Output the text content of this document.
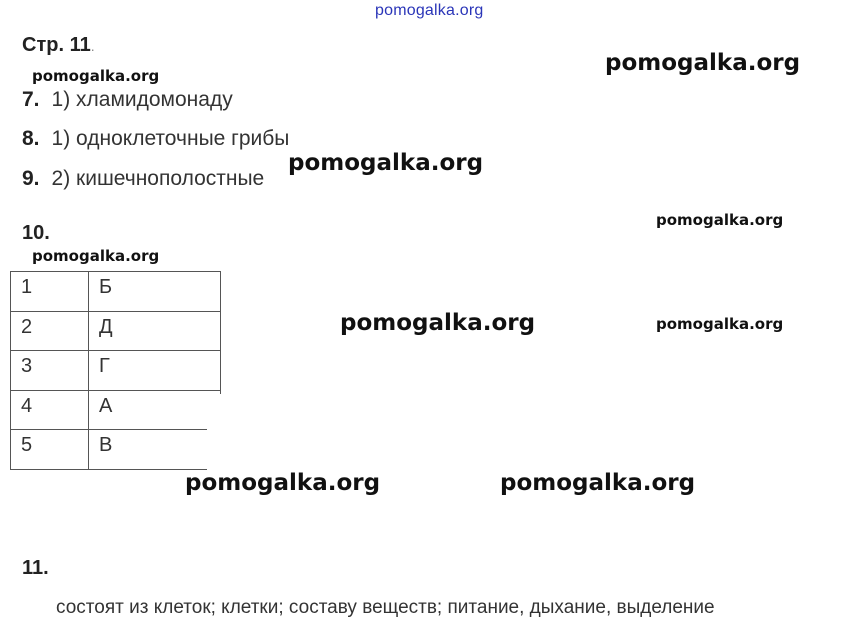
pomogalka.org
Стр. 11.
pomogalka.org	pomogalka.org
7. 1) хламидомонаду
8. 1) одноклеточные грибы
9. 2) кишечнополостные
pomogalka.org
10.
pomogalka.org
pomogalka.org
1	Б
2	Д
3	Г
4	А
5	В
pomogalka.org	pomogalka.org
pomogalka.org	pomogalka.org
11.
состоят из клеток; клетки; составу веществ; питание, дыхание, выделение
